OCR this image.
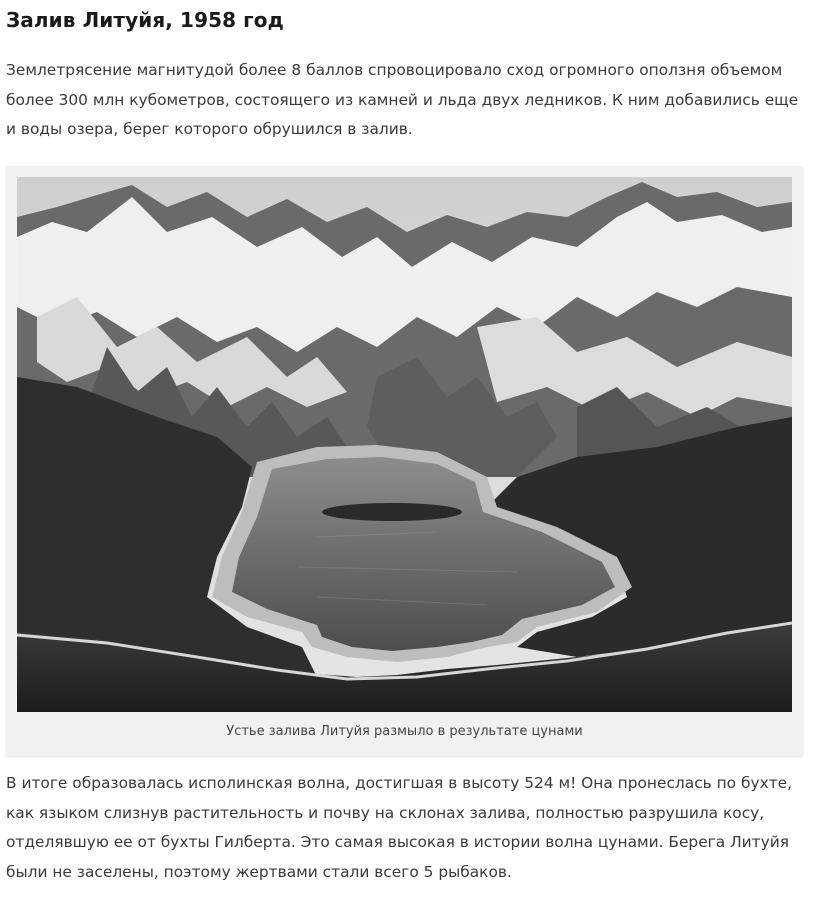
Залив Литуйя, 1958 год

Землетрясение магнитудой более 8 баллов спровоцировало сход огромного оползня объемом более 300 млн кубометров, состоящего из камней и льда двух ледников. К ним добавились еще и воды озера, берег которого обрушился в залив.

Устье залива Литуйя размыло в результате цунами

В итоге образовалась исполинская волна, достигшая в высоту 524 м! Она пронеслась по бухте, как языком слизнув растительность и почву на склонах залива, полностью разрушила косу, отделявшую ее от бухты Гилберта. Это самая высокая в истории волна цунами. Берега Литуйя были не заселены, поэтому жертвами стали всего 5 рыбаков.
